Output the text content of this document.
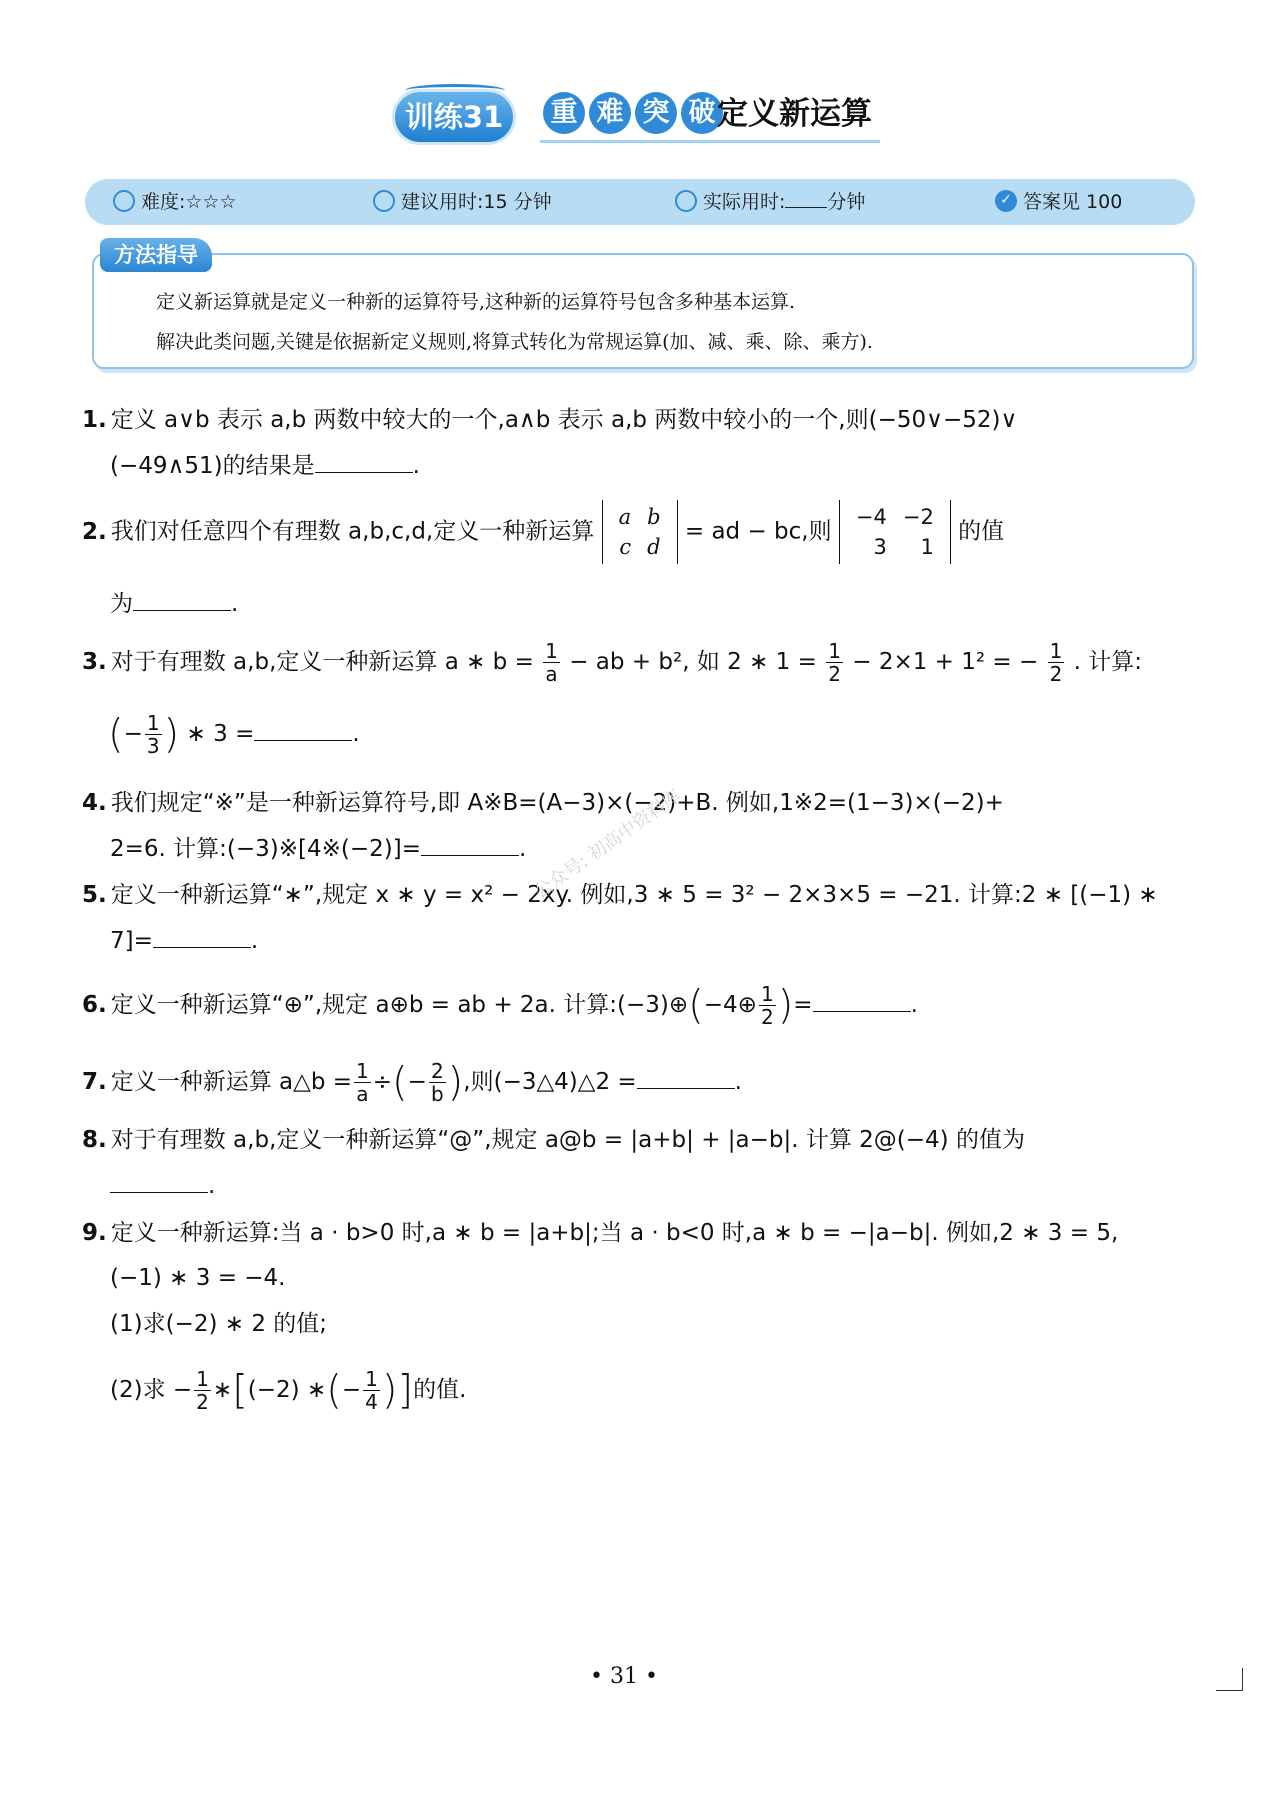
训练31	重 难 突 破 定义新运算
难度:☆☆☆	建议用时:15 分钟	实际用时: 分钟	✓ 答案见 100
定义新运算就是定义一种新的运算符号,这种新的运算符号包含多种基本运算.
解决此类问题,关键是依据新定义规则,将算式转化为常规运算(加、减、乘、除、乘方).
方法指导
1. 定义 a∨b 表示 a,b 两数中较大的一个,a∧b 表示 a,b 两数中较小的一个,则(−50∨−52)∨
(−49∧51)的结果是	.
2. 我们对任意四个有理数 a,b,c,d,定义一种新运算
a	b
c	d
= ad − bc,则
−4	−2
3	1
的值
为	.
3. 对于有理数 a,b,定义一种新运算 a ∗ $b = \frac{1}{a}$ − ab + b², 如 2 ∗ $1 = \frac{1}{2} - 2\times 1 + 1^2$ = − $\frac{1}{2}$ . 计算:
(− $\frac{1}{3}$ ) ∗ 3 =	.
4. 我们规定“※”是一种新运算符号,即 A※B=(A−3)×(−2)+B. 例如,1※2=(1−3)×(−2)+
2=6. 计算:(−3)※[4※(−2)]=	.
5. 定义一种新运算“∗”,规定 x ∗ y = x² − 2xy. 例如,3 ∗ 5 = 3² − 2×3×5 = −21. 计算:2 ∗ [(−1) ∗
7]=	.
公众号: 初高中资料库
6. 定义一种新运算“⊕”,规定 a⊕b = ab + 2a. 计算:(−3)⊕(−4⊕ $\frac{1}{2}$ )=	.
7. 定义一种新运算 a△b = $\frac{1}{a}$ ÷(− $\frac{2}{b}$ ),则(−3△4)△2 =	.
8. 对于有理数 a,b,定义一种新运算“@”,规定 a@b = |a+b| + |a−b|. 计算 2@(−4) 的值为
.
9. 定义一种新运算:当 a · b>0 时,a ∗ b = |a+b|;当 a · b<0 时,a ∗ b = −|a−b|. 例如,2 ∗ 3 = 5,
(−1) ∗ 3 = −4.
(1)求(−2) ∗ 2 的值;
(2)求 − $\frac{1}{2}$ ∗[(−2) ∗(− $\frac{1}{4}$ )]的值.
• 31 •
